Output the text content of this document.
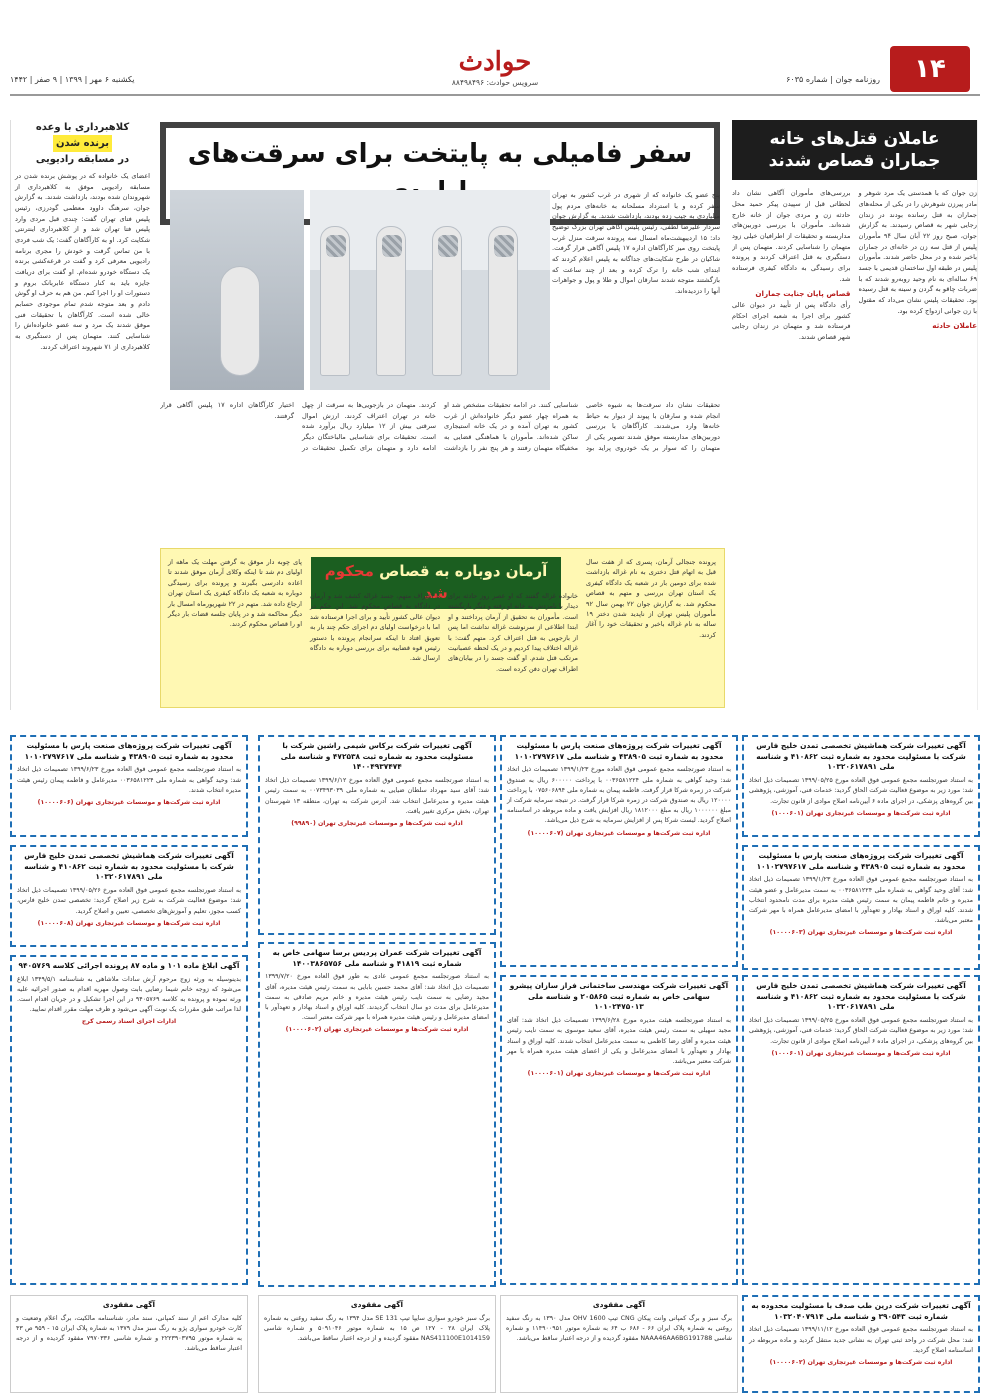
۱۴
روزنامه جوان | شماره ۶۰۳۵
حوادث
سرویس حوادث: ۸۸۴۹۸۴۹۶
یکشنبه ۶ مهر | ۱۳۹۹ | ۹ صفر | ۱۴۴۲
عاملان قتل‌های خانه جماران قصاص شدند

زن جوان که با همدستی یک مرد شوهر و مادر پیرزن شوهرش را در یکی از محله‌های جماران به قتل رسانده بودند در زندان رجایی شهر به قصاص رسیدند. به گزارش جوان، صبح روز ۲۲ آبان سال ۹۴ مأموران پلیس از قتل سه زن در خانه‌ای در جماران باخبر شده و در محل حاضر شدند. مأموران پلیس در طبقه اول ساختمان قدیمی با جسد ۶۹ ساله‌ای به نام وحید روبه‌رو شدند که با ضربات چاقو به گردن و سینه به قتل رسیده بود. تحقیقات پلیس نشان می‌داد که مقتول با زن جوانی ازدواج کرده بود.

عاملان حادثه

بررسی‌های مأموران آگاهی نشان داد لحظاتی قبل از سپیدن پیکر حمید محل حادثه زن و مردی جوان از خانه خارج شده‌اند. مأموران با بررسی دوربین‌های مداربسته و تحقیقات از اطرافیان خیلی زود متهمان را شناسایی کردند. متهمان پس از دستگیری به قتل اعتراف کردند و پرونده برای رسیدگی به دادگاه کیفری فرستاده شد.

قصاص پایان جنایت جماران

رأی دادگاه پس از تأیید در دیوان عالی کشور برای اجرا به شعبه اجرای احکام فرستاده شد و متهمان در زندان رجایی شهر قصاص شدند.

سفر فامیلی به پایتخت برای سرقت‌های
پنج عضو یک خانواده که از شهری در غرب کشور به تهران سفر کرده و با استرداد مسلحانه به خانه‌های مردم پول میلیاردی به جیب زده بودند، بازداشت شدند. به گزارش جوان سردار علیرضا لطفی، رئیس پلیس آگاهی تهران بزرگ توضیح داد: ۱۵ اردیبهشت‌ماه امسال سه پرونده سرقت منزل غرب پایتخت روی میز کارآگاهان اداره ۱۷ پلیس آگاهی قرار گرفت. شاکیان در طرح شکایت‌های جداگانه به پلیس اعلام کردند که ابتدای شب خانه را ترک کرده و بعد از چند ساعت که بازگشتند متوجه شدند سارقان اموال و طلا و پول و جواهرات آنها را دزدیده‌اند.
تحقیقات نشان داد سرقت‌ها به شیوه خاصی انجام شده و سارقان با پیوند از دیوار به حیاط خانه‌ها وارد می‌شدند. کارآگاهان با بررسی دوربین‌های مداربسته موفق شدند تصویر یکی از متهمان را که سوار بر یک خودروی پراید بود شناسایی کنند. در ادامه تحقیقات مشخص شد او به همراه چهار عضو دیگر خانواده‌اش از غرب کشور به تهران آمده و در یک خانه استیجاری ساکن شده‌اند. مأموران با هماهنگی قضایی به مخفیگاه متهمان رفتند و هر پنج نفر را بازداشت کردند. متهمان در بازجویی‌ها به سرقت از چهل خانه در تهران اعتراف کردند. ارزش اموال سرقتی بیش از ۱۲ میلیارد ریال برآورد شده است. تحقیقات برای شناسایی مالباختگان دیگر ادامه دارد و متهمان برای تکمیل تحقیقات در اختیار کارآگاهان اداره ۱۷ پلیس آگاهی قرار گرفتند.
کلاهبرداری با وعده
برنده شدن
در مسابقه رادیویی
اعضای یک خانواده که در پوشش برنده شدن در مسابقه رادیویی موفق به کلاهبرداری از شهروندان شده بودند، بازداشت شدند. به گزارش جوان، سرهنگ داوود معظمی گودرزی، رئیس پلیس فتای تهران گفت: چندی قبل مردی وارد پلیس فتا تهران شد و از کلاهبرداری اینترنتی شکایت کرد. او به کارآگاهان گفت: یک شب فردی با من تماس گرفت و خودش را مجری برنامه رادیویی معرفی کرد و گفت در قرعه‌کشی برنده یک دستگاه خودرو شده‌ام. او گفت برای دریافت جایزه باید به کنار دستگاه عابربانک بروم و دستورات او را اجرا کنم. من هم به حرف او گوش دادم و بعد متوجه شدم تمام موجودی حسابم خالی شده است. کارآگاهان با تحقیقات فنی موفق شدند یک مرد و سه عضو خانواده‌اش را شناسایی کنند. متهمان پس از دستگیری به کلاهبرداری از ۷۱ شهروند اعتراف کردند.
آرمان دوباره به قصاص محکوم شد
پرونده جنجالی آرمان، پسری که از هفت سال قبل به اتهام قتل دختری به نام غزاله بازداشت شده برای دومین بار در شعبه یک دادگاه کیفری یک استان تهران بررسی و متهم به قصاص محکوم شد. به گزارش جوان ۲۲ بهمن سال ۹۲ مأموران پلیس تهران از ناپدید شدن دختر ۱۹ ساله به نام غزاله باخبر و تحقیقات خود را آغاز کردند.
خانواده غزاله گفتند که او عصر روز حادثه برای دیدار با نامزدش به خانه او رفته و دیگر بازنگشته است. مأموران به تحقیق از آرمان پرداختند و او ابتدا اطلاعی از سرنوشت غزاله نداشت اما پس از بازجویی به قتل اعتراف کرد. متهم گفت: با غزاله اختلاف پیدا کردیم و در یک لحظه عصبانیت مرتکب قتل شدم. او گفت جسد را در بیابان‌های اطراف تهران دفن کرده است.
با اعتراف متهم، جسد غزاله کشف شد و آرمان در دادگاه به قصاص محکوم شد. این حکم در دیوان عالی کشور تأیید و برای اجرا فرستاده شد اما با درخواست اولیای دم اجرای حکم چند بار به تعویق افتاد تا اینکه سرانجام پرونده با دستور رئیس قوه قضاییه برای بررسی دوباره به دادگاه ارسال شد.
پای چوبه دار موفق به گرفتن مهلت یک ماهه از اولیای دم شد تا اینکه وکلای آرمان موفق شدند تا اعاده دادرسی بگیرند و پرونده برای رسیدگی دوباره به شعبه یک دادگاه کیفری یک استان تهران ارجاع داده شد. متهم در ۲۲ شهریورماه امسال بار دیگر محاکمه شد و در پایان جلسه قضات بار دیگر او را قصاص محکوم کردند.
آگهی تغییرات شرکت هماشیش تخصصی تمدن خلیج فارس شرکت با مسئولیت محدود به شماره ثبت ۴۱۰۸۶۲ و شناسه ملی ۱۰۳۲۰۶۱۷۸۹۱
به استناد صورتجلسه مجمع عمومی فوق العاده مورخ ۱۳۹۹/۰۵/۲۵ تصمیمات ذیل اتخاذ شد: مورد زیر به موضوع فعالیت شرکت الحاق گردید: خدمات فنی، آموزشی، پژوهشی بین گروه‌های پزشکی، در اجرای ماده ۶ آیین‌نامه اصلاح موادی از قانون تجارت.
اداره ثبت شرکت‌ها و موسسات غیرتجاری تهران (۱۰۰۰۶۰۱)
آگهی تغییرات شرکت پروژه‌های صنعت پارس با مسئولیت محدود به شماره ثبت ۴۳۸۹۰۵ و شناسه ملی ۱۰۱۰۲۷۹۷۶۱۷
به استناد صورتجلسه مجمع عمومی فوق العاده مورخ ۱۳۹۹/۱/۲۳ تصمیمات ذیل اتخاذ شد: وحید گواهی به شماره ملی ۰۰۳۶۵۸۱۲۲۴ با پرداخت ۶۰۰۰۰۰ ریال به صندوق شرکت در زمره شرکا قرار گرفت. فاطمه پیمان به شماره ملی ۰۷۵۶۰۶۸۹۴ با پرداخت ۱۲۰۰۰۰ ریال به صندوق شرکت در زمره شرکا قرار گرفت. در نتیجه سرمایه شرکت از مبلغ ۱۰۰۰۰۰۰ ریال به مبلغ ۱۸۱۲۰۰۰ ریال افزایش یافت و ماده مربوطه در اساسنامه اصلاح گردید. لیست شرکا پس از افزایش سرمایه به شرح ذیل می‌باشد.
اداره ثبت شرکت‌ها و موسسات غیرتجاری تهران (۱۰۰۰۰۶۰۷)
آگهی تغییرات شرکت برکاس شیمی راشین شرکت با مسئولیت محدود به شماره ثبت ۴۷۲۵۳۸ و شناسه ملی ۱۴۰۰۴۹۳۷۴۷۴
به استناد صورتجلسه مجمع عمومی فوق العاده مورخ ۱۳۹۹/۶/۱۲ تصمیمات ذیل اتخاذ شد: آقای سید مهرداد سلطان ضیایی به شماره ملی ۰۰۷۳۴۹۳۰۳۹ به سمت رئیس هیئت مدیره و مدیرعامل انتخاب شد. آدرس شرکت به تهران، منطقه ۱۳ شهرستان تهران، بخش مرکزی تغییر یافت.
اداره ثبت شرکت‌ها و موسسات غیرتجاری تهران (۹۹۸۹۰)
آگهی تغییرات شرکت پروژه‌های صنعت پارس با مسئولیت محدود به شماره ثبت ۴۳۸۹۰۵ و شناسه ملی ۱۰۱۰۲۷۹۷۶۱۷
به استناد صورتجلسه مجمع عمومی فوق العاده مورخ ۱۳۹۹/۶/۲۳ تصمیمات ذیل اتخاذ شد: وحید گواهی به شماره ملی ۰۰۳۶۵۸۱۲۲۴ مدیرعامل و فاطمه پیمان رئیس هیئت مدیره انتخاب شدند.
اداره ثبت شرکت‌ها و موسسات غیرتجاری تهران (۱۰۰۰۰۶۰۶)
آگهی تغییرات شرکت پروژه‌های صنعت پارس با مسئولیت محدود به شماره ثبت ۴۳۸۹۰۵ و شناسه ملی ۱۰۱۰۲۷۹۷۶۱۷
به استناد صورتجلسه مجمع عمومی فوق العاده مورخ ۱۳۹۹/۱/۲۳ تصمیمات ذیل اتخاذ شد: آقای وحید گواهی به شماره ملی ۰۰۳۶۵۸۱۲۲۴ به سمت مدیرعامل و عضو هیئت مدیره و خانم فاطمه پیمان به سمت رئیس هیئت مدیره برای مدت نامحدود انتخاب شدند. کلیه اوراق و اسناد بهادار و تعهدآور با امضای مدیرعامل همراه با مهر شرکت معتبر می‌باشد.
اداره ثبت شرکت‌ها و موسسات غیرتجاری تهران (۱۰۰۰۰۶۰۳)
آگهی تغییرات شرکت هماشیش تخصصی تمدن خلیج فارس شرکت با مسئولیت محدود به شماره ثبت ۴۱۰۸۶۲ و شناسه ملی ۱۰۳۲۰۶۱۷۸۹۱
به استناد صورتجلسه مجمع عمومی فوق العاده مورخ ۱۳۹۹/۰۵/۲۶ تصمیمات ذیل اتخاذ شد: موضوع فعالیت شرکت به شرح زیر اصلاح گردید: تخصصی تمدن خلیج فارس، کسب مجوز، تعلیم و آموزش‌های تخصصی، تعیین و اصلاح گردید.
اداره ثبت شرکت‌ها و موسسات غیرتجاری تهران (۱۰۰۰۰۶۰۸)
آگهی تغییرات شرکت عمران پردیس برسا سهامی خاص به شماره ثبت ۴۱۸۱۹ و شناسه ملی ۱۴۰۰۳۸۶۵۷۵۶
به استناد صورتجلسه مجمع عمومی عادی به طور فوق العاده مورخ ۱۳۹۹/۷/۲۰ تصمیمات ذیل اتخاذ شد: آقای محمد حسین بابایی به سمت رئیس هیئت مدیره، آقای مجید رضایی به سمت نایب رئیس هیئت مدیره و خانم مریم صادقی به سمت مدیرعامل برای مدت دو سال انتخاب گردیدند. کلیه اوراق و اسناد بهادار و تعهدآور با امضای مدیرعامل و رئیس هیئت مدیره همراه با مهر شرکت معتبر است.
اداره ثبت شرکت‌ها و موسسات غیرتجاری تهران (۱۰۰۰۰۶۰۲)
آگهی ابلاغ ماده ۱۰۱ و ماده ۸۷ پرونده اجرائی کلاسه ۹۴۰۵۷۶۹
بدینوسیله به ورثه زوج مرحوم آرش سادات ملاشاهی به شناسنامه ۱۳۴۹/۵/۱ ابلاغ می‌شود که زوجه خانم شیما رضایی بابت وصول مهریه اقدام به صدور اجرائیه علیه ورثه نموده و پرونده به کلاسه ۹۴۰۵۷۶۹ در این اجرا تشکیل و در جریان اقدام است. لذا مراتب طبق مقررات یک نوبت آگهی می‌شود و ظرف مهلت مقرر اقدام نمایید.
ادارات اجرای اسناد رسمی کرج
آگهی تغییرات شرکت مهندسی ساختمانی فراز سازان پیشرو سهامی خاص به شماره ثبت ۲۰۵۸۶۵ و شناسه ملی ۱۰۱۰۲۴۷۵۰۱۳
به استناد صورتجلسه هیئت مدیره مورخ ۱۳۹۹/۶/۲۸ تصمیمات ذیل اتخاذ شد: آقای مجید سهیلی به سمت رئیس هیئت مدیره، آقای سعید موسوی به سمت نایب رئیس هیئت مدیره و آقای رضا کاظمی به سمت مدیرعامل انتخاب شدند. کلیه اوراق و اسناد بهادار و تعهدآور با امضای مدیرعامل و یکی از اعضای هیئت مدیره همراه با مهر شرکت معتبر می‌باشد.
اداره ثبت شرکت‌ها و موسسات غیرتجاری تهران (۱۰۰۰۰۶۰۱)
آگهی تغییرات شرکت هماشیش تخصصی تمدن خلیج فارس شرکت با مسئولیت محدود به شماره ثبت ۴۱۰۸۶۲ و شناسه ملی ۱۰۳۲۰۶۱۷۸۹۱
به استناد صورتجلسه مجمع عمومی فوق العاده مورخ ۱۳۹۹/۰۵/۲۵ تصمیمات ذیل اتخاذ شد: مورد زیر به موضوع فعالیت شرکت الحاق گردید: خدمات فنی، آموزشی، پژوهشی بین گروه‌های پزشکی، در اجرای ماده ۶ آیین‌نامه اصلاح موادی از قانون تجارت.
اداره ثبت شرکت‌ها و موسسات غیرتجاری تهران (۱۰۰۰۶۰۱)
آگهی تغییرات شرکت درین طب صدف با مسئولیت محدوده به شماره ثبت ۳۹۰۵۴۳ و شناسه ملی ۱۰۳۲۰۴۰۷۹۱۴
به استناد صورتجلسه مجمع عمومی فوق العاده مورخ ۱۳۹۹/۱۱/۱۲ تصمیمات ذیل اتخاذ شد: محل شرکت در واحد ثبتی تهران به نشانی جدید منتقل گردید و ماده مربوطه در اساسنامه اصلاح گردید.
اداره ثبت شرکت‌ها و موسسات غیرتجاری تهران (۱۰۰۰۰۶۰۲)
آگهی مفقودی
برگ سبز و برگ کمپانی وانت پیکان CNG تیپ OHV 1600 مدل ۱۳۹۰ به رنگ سفید روغنی به شماره پلاک ایران ۶۶ - ۶۸۶ ب ۶۴ به شماره موتور ۱۱۴۹۰۰۹۵۱ و شماره شاسی NAAA46AA6BG191788 مفقود گردیده و از درجه اعتبار ساقط می‌باشد.
آگهی مفقودی
برگ سبز خودرو سواری سایپا تیپ SE 131 مدل ۱۳۹۴ به رنگ سفید روغنی به شماره پلاک ایران ۲۸ - ۱۲۷ ص ۱۵ به شماره موتور ۵۰۹۱۰۴۶ و شماره شاسی NAS411100E1014159 مفقود گردیده و از درجه اعتبار ساقط می‌باشد.
آگهی مفقودی
کلیه مدارک اعم از سند کمپانی، سند مادر، شناسنامه مالکیت، برگ اعلام وضعیت و کارت خودرو سواری پژو به رنگ سبز مدل ۱۳۷۹ به شماره پلاک ایران ۱۵ - ۹۵۹ ص ۴۳ به شماره موتور ۲۲۲۳۹۰۳۷۹۵ و شماره شاسی ۷۹۷۰۳۳۶ مفقود گردیده و از درجه اعتبار ساقط می‌باشد.
